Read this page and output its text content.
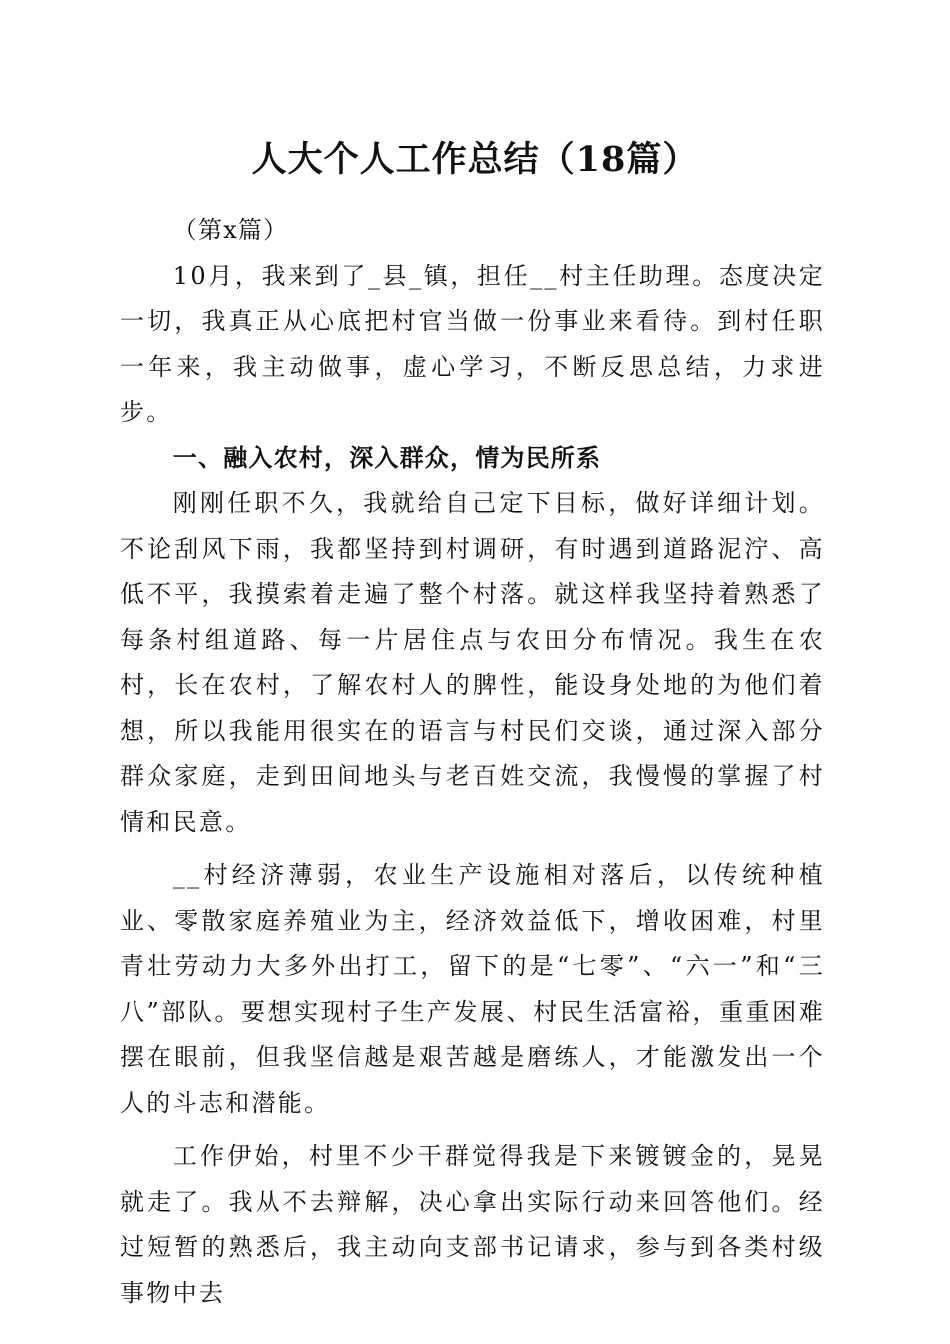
人大个人工作总结（18篇）

（第x篇）

10月，我来到了_县_镇，担任__村主任助理。态度决定一切，我真正从心底把村官当做一份事业来看待。到村任职一年来，我主动做事，虚心学习，不断反思总结，力求进步。

一、融入农村，深入群众，情为民所系

刚刚任职不久，我就给自己定下目标，做好详细计划。不论刮风下雨，我都坚持到村调研，有时遇到道路泥泞、高低不平，我摸索着走遍了整个村落。就这样我坚持着熟悉了每条村组道路、每一片居住点与农田分布情况。我生在农村，长在农村，了解农村人的脾性，能设身处地的为他们着想，所以我能用很实在的语言与村民们交谈，通过深入部分群众家庭，走到田间地头与老百姓交流，我慢慢的掌握了村情和民意。

__村经济薄弱，农业生产设施相对落后，以传统种植业、零散家庭养殖业为主，经济效益低下，增收困难，村里青壮劳动力大多外出打工，留下的是“七零”、“六一”和“三八”部队。要想实现村子生产发展、村民生活富裕，重重困难摆在眼前，但我坚信越是艰苦越是磨练人，才能激发出一个人的斗志和潜能。

工作伊始，村里不少干群觉得我是下来镀镀金的，晃晃就走了。我从不去辩解，决心拿出实际行动来回答他们。经过短暂的熟悉后，我主动向支部书记请求，参与到各类村级事物中去
